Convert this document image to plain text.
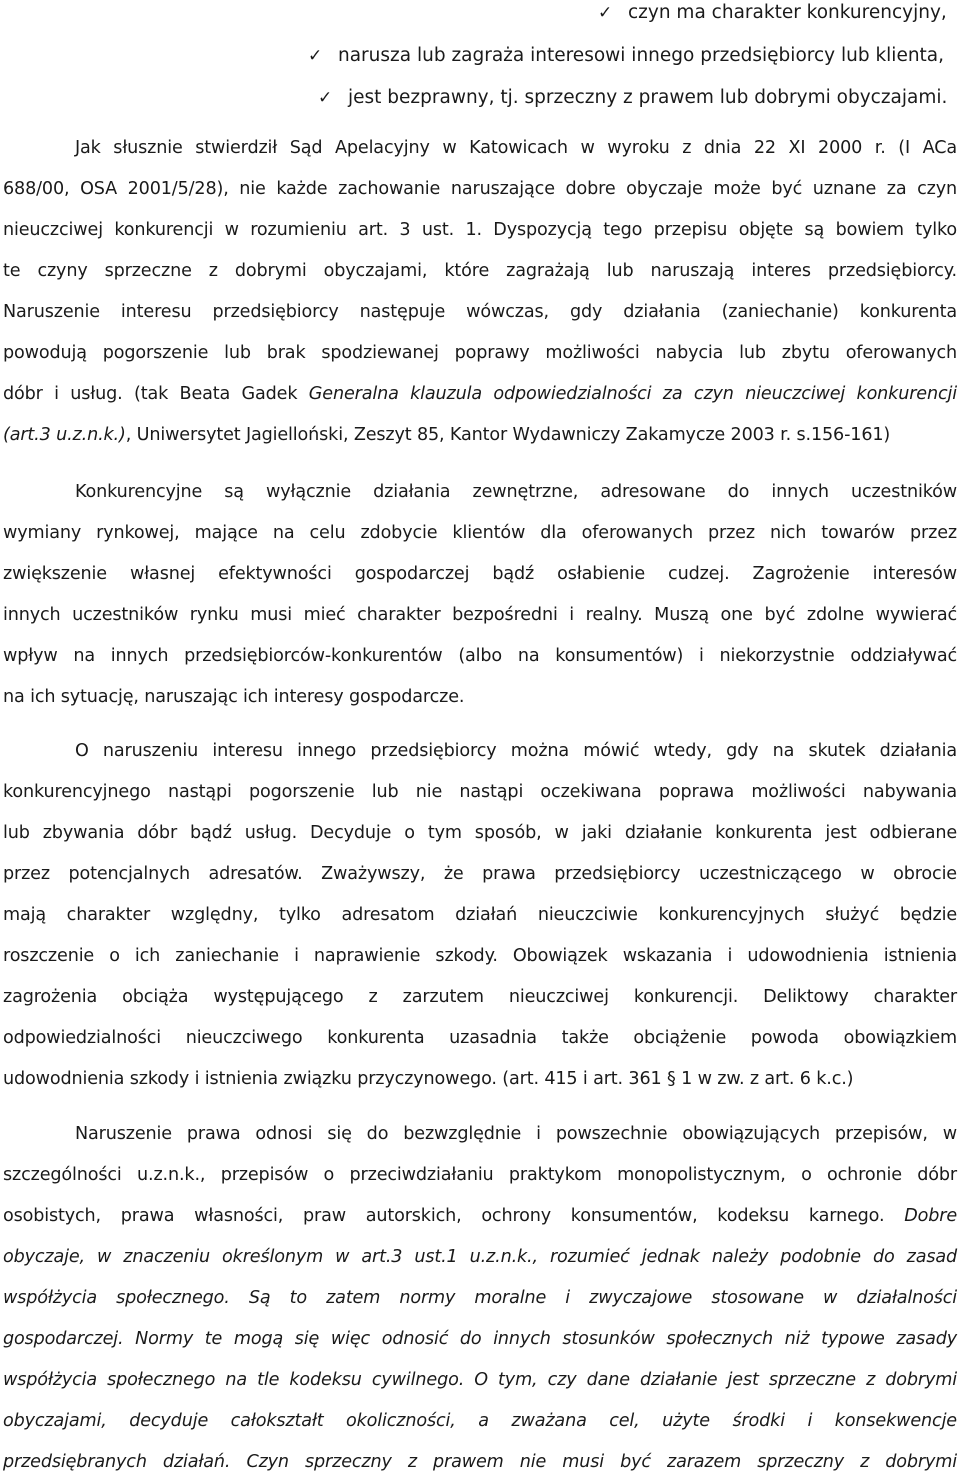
✓ czyn ma charakter konkurencyjny,
✓ narusza lub zagraża interesowi innego przedsiębiorcy lub klienta,
✓ jest bezprawny, tj. sprzeczny z prawem lub dobrymi obyczajami.
Jak słusznie stwierdził Sąd Apelacyjny w Katowicach w wyroku z dnia 22 XI 2000 r. (I ACa
688/00, OSA 2001/5/28), nie każde zachowanie naruszające dobre obyczaje może być uznane za czyn
nieuczciwej konkurencji w rozumieniu art. 3 ust. 1. Dyspozycją tego przepisu objęte są bowiem tylko
te czyny sprzeczne z dobrymi obyczajami, które zagrażają lub naruszają interes przedsiębiorcy.
Naruszenie interesu przedsiębiorcy następuje wówczas, gdy działania (zaniechanie) konkurenta
powodują pogorszenie lub brak spodziewanej poprawy możliwości nabycia lub zbytu oferowanych
dóbr i usług. (tak Beata Gadek Generalna klauzula odpowiedzialności za czyn nieuczciwej konkurencji
(art.3 u.z.n.k.), Uniwersytet Jagielloński, Zeszyt 85, Kantor Wydawniczy Zakamycze 2003 r. s.156-161)
Konkurencyjne są wyłącznie działania zewnętrzne, adresowane do innych uczestników
wymiany rynkowej, mające na celu zdobycie klientów dla oferowanych przez nich towarów przez
zwiększenie własnej efektywności gospodarczej bądź osłabienie cudzej. Zagrożenie interesów
innych uczestników rynku musi mieć charakter bezpośredni i realny. Muszą one być zdolne wywierać
wpływ na innych przedsiębiorców-konkurentów (albo na konsumentów) i niekorzystnie oddziaływać
na ich sytuację, naruszając ich interesy gospodarcze.
O naruszeniu interesu innego przedsiębiorcy można mówić wtedy, gdy na skutek działania
konkurencyjnego nastąpi pogorszenie lub nie nastąpi oczekiwana poprawa możliwości nabywania
lub zbywania dóbr bądź usług. Decyduje o tym sposób, w jaki działanie konkurenta jest odbierane
przez potencjalnych adresatów. Zważywszy, że prawa przedsiębiorcy uczestniczącego w obrocie
mają charakter względny, tylko adresatom działań nieuczciwie konkurencyjnych służyć będzie
roszczenie o ich zaniechanie i naprawienie szkody. Obowiązek wskazania i udowodnienia istnienia
zagrożenia obciąża występującego z zarzutem nieuczciwej konkurencji. Deliktowy charakter
odpowiedzialności nieuczciwego konkurenta uzasadnia także obciążenie powoda obowiązkiem
udowodnienia szkody i istnienia związku przyczynowego. (art. 415 i art. 361 § 1 w zw. z art. 6 k.c.)
Naruszenie prawa odnosi się do bezwzględnie i powszechnie obowiązujących przepisów, w
szczególności u.z.n.k., przepisów o przeciwdziałaniu praktykom monopolistycznym, o ochronie dóbr
osobistych, prawa własności, praw autorskich, ochrony konsumentów, kodeksu karnego. Dobre
obyczaje, w znaczeniu określonym w art.3 ust.1 u.z.n.k., rozumieć jednak należy podobnie do zasad
współżycia społecznego. Są to zatem normy moralne i zwyczajowe stosowane w działalności
gospodarczej. Normy te mogą się więc odnosić do innych stosunków społecznych niż typowe zasady
współżycia społecznego na tle kodeksu cywilnego. O tym, czy dane działanie jest sprzeczne z dobrymi
obyczajami, decyduje całokształt okoliczności, a zważana cel, użyte środki i konsekwencje
przedsiębranych działań. Czyn sprzeczny z prawem nie musi być zarazem sprzeczny z dobrymi
